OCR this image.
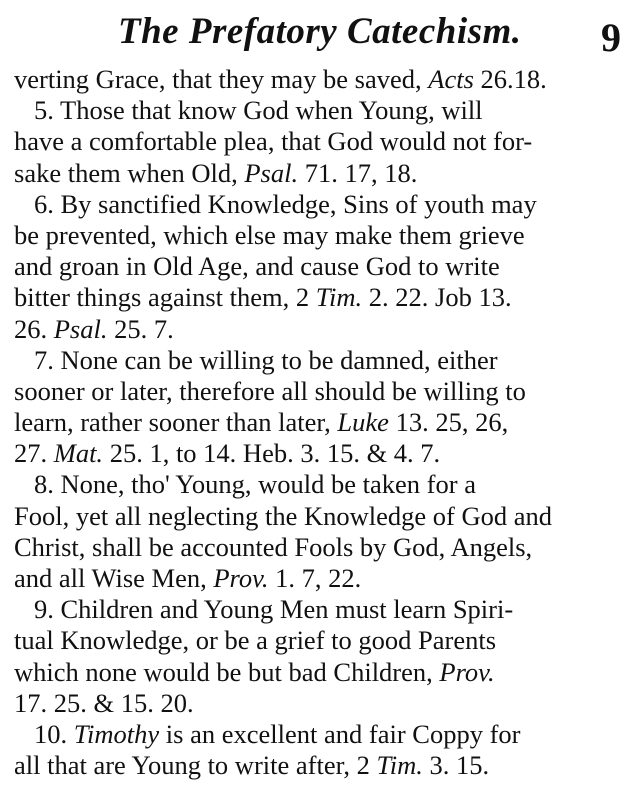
The Prefatory Catechism. 9
verting Grace, that they may be saved, Acts 26.18.
5. Those that know God when Young, will
have a comfortable plea, that God would not for-
sake them when Old, Psal. 71. 17, 18.
6. By sanctified Knowledge, Sins of youth may
be prevented, which else may make them grieve
and groan in Old Age, and cause God to write
bitter things against them, 2 Tim. 2. 22. Job 13.
26. Psal. 25. 7.
7. None can be willing to be damned, either
sooner or later, therefore all should be willing to
learn, rather sooner than later, Luke 13. 25, 26,
27. Mat. 25. 1, to 14. Heb. 3. 15. & 4. 7.
8. None, tho' Young, would be taken for a
Fool, yet all neglecting the Knowledge of God and
Christ, shall be accounted Fools by God, Angels,
and all Wise Men, Prov. 1. 7, 22.
9. Children and Young Men must learn Spiri-
tual Knowledge, or be a grief to good Parents
which none would be but bad Children, Prov.
17. 25. & 15. 20.
10. Timothy is an excellent and fair Coppy for
all that are Young to write after, 2 Tim. 3. 15.
